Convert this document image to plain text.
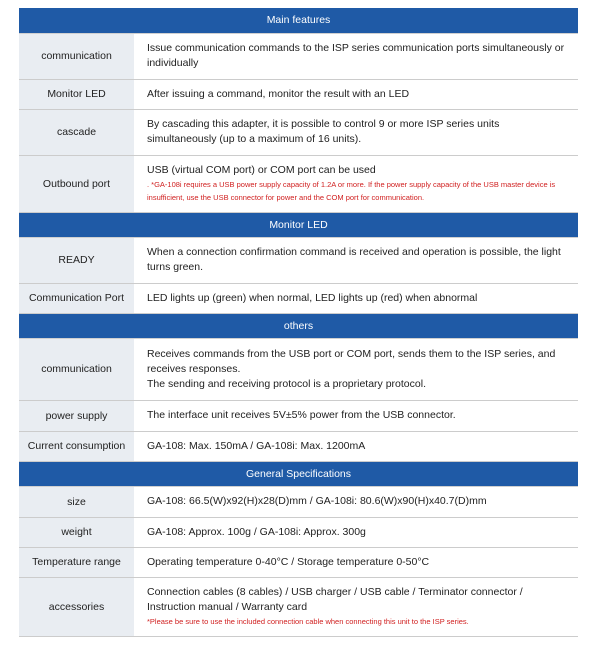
Main features	
communication	Issue communication commands to the ISP series communication ports simultaneously or individually

Monitor LED	After issuing a command, monitor the result with an LED

cascade	By cascading this adapter, it is possible to control 9 or more ISP series units simultaneously (up to a maximum of 16 units).

Outbound port	USB (virtual COM port) or COM port can be used
. *GA-108i requires a USB power supply capacity of 1.2A or more. If the power supply capacity of the USB master device is insufficient, use the USB connector for power and the COM port for communication.

Monitor LED	
READY	When a connection confirmation command is received and operation is possible, the light turns green.

Communication Port	LED lights up (green) when normal, LED lights up (red) when abnormal

others	
communication	Receives commands from the USB port or COM port, sends them to the ISP series, and receives responses.
The sending and receiving protocol is a proprietary protocol.

power supply	The interface unit receives 5V±5% power from the USB connector.

Current consumption	GA-108: Max. 150mA / GA-108i: Max. 1200mA

General Specifications	
size	GA-108: 66.5(W)x92(H)x28(D)mm / GA-108i: 80.6(W)x90(H)x40.7(D)mm

weight	GA-108: Approx. 100g / GA-108i: Approx. 300g

Temperature range	Operating temperature 0-40°C / Storage temperature 0-50°C

accessories	Connection cables (8 cables) / USB charger / USB cable / Terminator connector / Instruction manual / Warranty card
*Please be sure to use the included connection cable when connecting this unit to the ISP series.
